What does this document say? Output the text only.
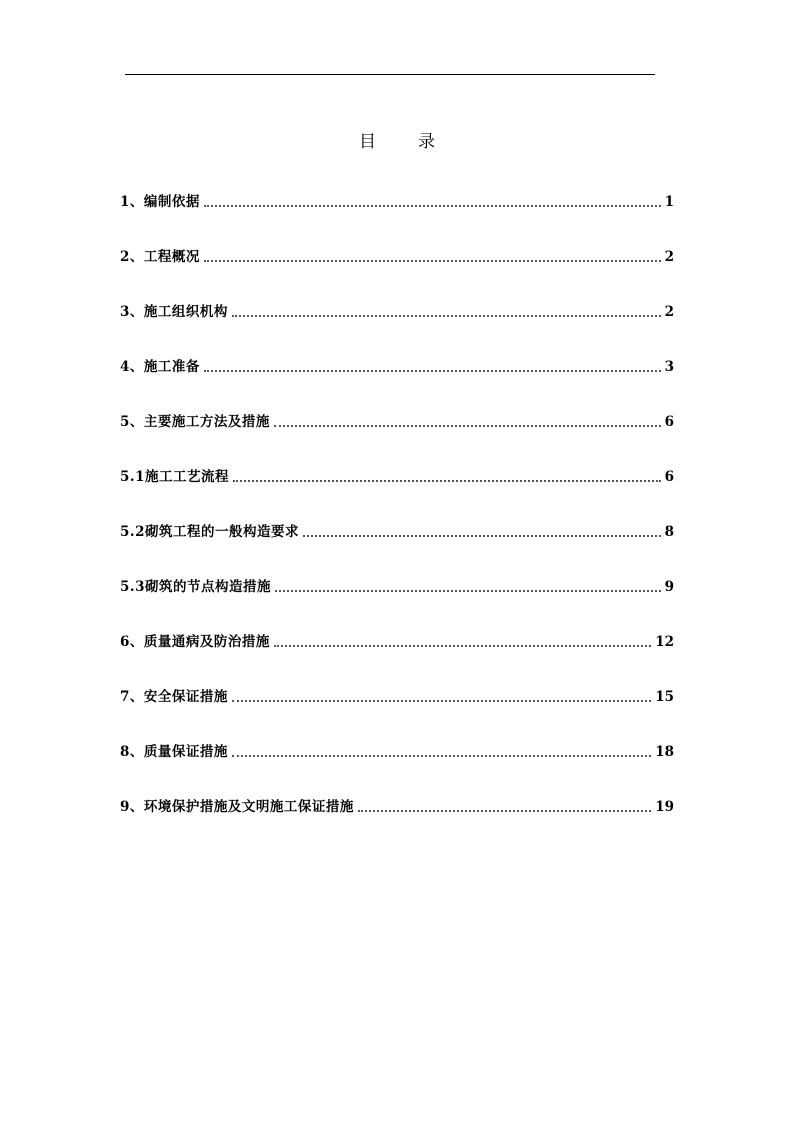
目 录
1、编制依据	1
2、工程概况	2
3、施工组织机构	2
4、施工准备	3
5、主要施工方法及措施	6
5.1施工工艺流程	6
5.2砌筑工程的一般构造要求	8
5.3砌筑的节点构造措施	9
6、质量通病及防治措施	12
7、安全保证措施	15
8、质量保证措施	18
9、环境保护措施及文明施工保证措施	19
